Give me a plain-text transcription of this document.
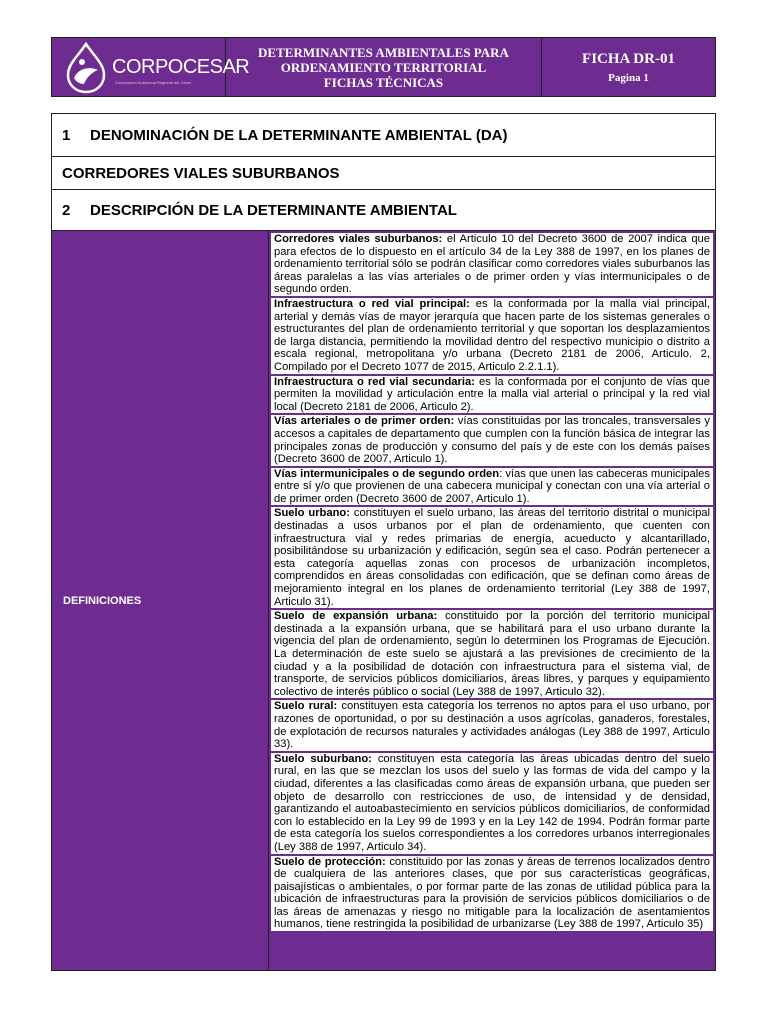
CORPOCESAR
Corporación Autónoma Regional del Cesar
DETERMINANTES AMBIENTALES PARA
ORDENAMIENTO TERRITORIAL
FICHAS TÉCNICAS
FICHA DR-01
Pagina 1
1	DENOMINACIÓN DE LA DETERMINANTE AMBIENTAL (DA)
CORREDORES VIALES SUBURBANOS
2	DESCRIPCIÓN DE LA DETERMINANTE AMBIENTAL
DEFINICIONES
Corredores viales suburbanos: el Articulo 10 del Decreto 3600 de 2007 indica que para efectos de lo dispuesto en el artículo 34 de la Ley 388 de 1997, en los planes de ordenamiento territorial sólo se podrán clasificar como corredores viales suburbanos las áreas paralelas a las vías arteriales o de primer orden y vías intermunicipales o de segundo orden.
Infraestructura o red vial principal: es la conformada por la malla vial principal, arterial y demás vías de mayor jerarquía que hacen parte de los sistemas generales o estructurantes del plan de ordenamiento territorial y que soportan los desplazamientos de larga distancia, permitiendo la movilidad dentro del respectivo municipio o distrito a escala regional, metropolitana y/o urbana (Decreto 2181 de 2006, Articulo. 2, Compilado por el Decreto 1077 de 2015, Articulo 2.2.1.1).
Infraestructura o red vial secundaria: es la conformada por el conjunto de vías que permiten la movilidad y articulación entre la malla vial arterial o principal y la red vial local (Decreto 2181 de 2006, Articulo 2).
Vías arteriales o de primer orden: vías constituidas por las troncales, transversales y accesos a capitales de departamento que cumplen con la función básica de integrar las principales zonas de producción y consumo del país y de este con los demás países (Decreto 3600 de 2007, Articulo 1).
Vías intermunicipales o de segundo orden: vías que unen las cabeceras municipales entre sí y/o que provienen de una cabecera municipal y conectan con una vía arterial o de primer orden (Decreto 3600 de 2007, Articulo 1).
Suelo urbano: constituyen el suelo urbano, las áreas del territorio distrital o municipal destinadas a usos urbanos por el plan de ordenamiento, que cuenten con infraestructura vial y redes primarias de energía, acueducto y alcantarillado, posibilitándose su urbanización y edificación, según sea el caso. Podrán pertenecer a esta categoría aquellas zonas con procesos de urbanización incompletos, comprendidos en áreas consolidadas con edificación, que se definan como áreas de mejoramiento integral en los planes de ordenamiento territorial (Ley 388 de 1997, Articulo 31).
Suelo de expansión urbana: constituido por la porción del territorio municipal destinada a la expansión urbana, que se habilitará para el uso urbano durante la vigencia del plan de ordenamiento, según lo determinen los Programas de Ejecución. La determinación de este suelo se ajustará a las previsiones de crecimiento de la ciudad y a la posibilidad de dotación con infraestructura para el sistema vial, de transporte, de servicios públicos domiciliarios, áreas libres, y parques y equipamiento colectivo de interés público o social (Ley 388 de 1997, Articulo 32).
Suelo rural: constituyen esta categoría los terrenos no aptos para el uso urbano, por razones de oportunidad, o por su destinación a usos agrícolas, ganaderos, forestales, de explotación de recursos naturales y actividades análogas (Ley 388 de 1997, Articulo 33).
Suelo suburbano: constituyen esta categoría las áreas ubicadas dentro del suelo rural, en las que se mezclan los usos del suelo y las formas de vida del campo y la ciudad, diferentes a las clasificadas como áreas de expansión urbana, que pueden ser objeto de desarrollo con restricciones de uso, de intensidad y de densidad, garantizando el autoabastecimiento en servicios públicos domiciliarios, de conformidad con lo establecido en la Ley 99 de 1993 y en la Ley 142 de 1994. Podrán formar parte de esta categoría los suelos correspondientes a los corredores urbanos interregionales (Ley 388 de 1997, Articulo 34).
Suelo de protección: constituido por las zonas y áreas de terrenos localizados dentro de cualquiera de las anteriores clases, que por sus características geográficas, paisajísticas o ambientales, o por formar parte de las zonas de utilidad pública para la ubicación de infraestructuras para la provisión de servicios públicos domiciliarios o de las áreas de amenazas y riesgo no mitigable para la localización de asentamientos humanos, tiene restringida la posibilidad de urbanizarse (Ley 388 de 1997, Articulo 35)
